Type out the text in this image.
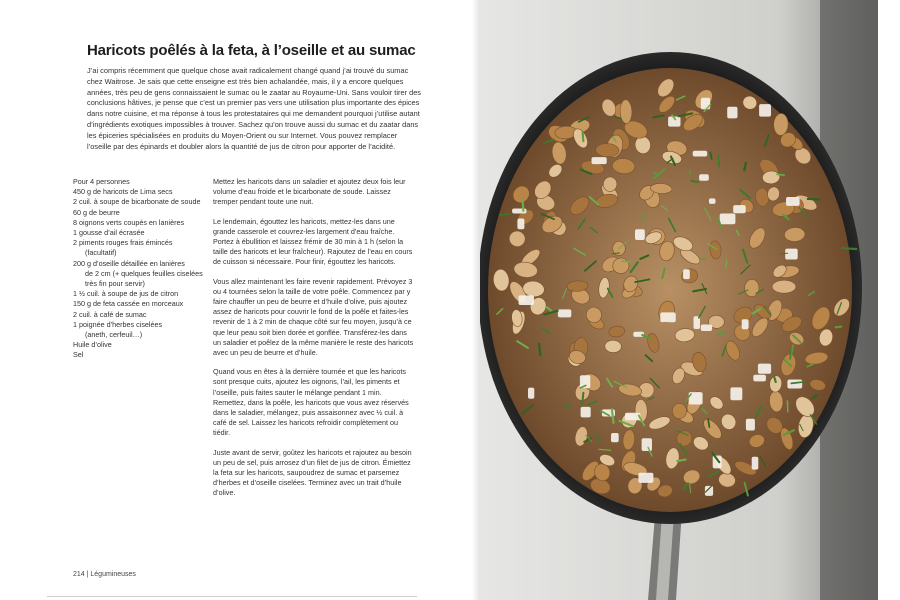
Haricots poêlés à la feta, à l’oseille et au sumac

J’ai compris récemment que quelque chose avait radicalement changé quand j’ai trouvé du sumac chez Waitrose. Je sais que cette enseigne est très bien achalandée, mais, il y a encore quelques années, très peu de gens connaissaient le sumac ou le zaatar au Royaume-Uni. Sans vouloir tirer des conclusions hâtives, je pense que c’est un premier pas vers une utilisation plus importante des épices dans notre cuisine, et ma réponse à tous les protestataires qui me demandent pourquoi j’utilise autant d’ingrédients exotiques impossibles à trouver. Sachez qu’on trouve aussi du sumac et du zaatar dans les épiceries spécialisées en produits du Moyen-Orient ou sur Internet. Vous pouvez remplacer l’oseille par des épinards et doubler alors la quantité de jus de citron pour apporter de l’acidité.

Pour 4 personnes
450 g de haricots de Lima secs
2 cuil. à soupe de bicarbonate de soude
60 g de beurre
8 oignons verts coupés en lanières
1 gousse d’ail écrasée
2 piments rouges frais émincés
(facultatif)
200 g d’oseille détaillée en lanières
de 2 cm (+ quelques feuilles ciselées
très fin pour servir)
1 ½ cuil. à soupe de jus de citron
150 g de feta cassée en morceaux
2 cuil. à café de sumac
1 poignée d’herbes ciselées
(aneth, cerfeuil…)
Huile d’olive
Sel

Mettez les haricots dans un saladier et ajoutez deux fois leur volume d’eau froide et le bicarbonate de soude. Laissez tremper pendant toute une nuit.

Le lendemain, égouttez les haricots, mettez-les dans une grande casserole et couvrez-les largement d’eau fraîche. Portez à ébullition et laissez frémir de 30 min à 1 h (selon la taille des haricots et leur fraîcheur). Rajoutez de l’eau en cours de cuisson si nécessaire. Pour finir, égouttez les haricots.

Vous allez maintenant les faire revenir rapidement. Prévoyez 3 ou 4 tournées selon la taille de votre poêle. Commencez par y faire chauffer un peu de beurre et d’huile d’olive, puis ajoutez assez de haricots pour couvrir le fond de la poêle et faites-les revenir de 1 à 2 min de chaque côté sur feu moyen, jusqu’à ce que leur peau soit bien dorée et gonflée. Transférez-les dans un saladier et poêlez de la même manière le reste des haricots avec un peu de beurre et d’huile.

Quand vous en êtes à la dernière tournée et que les haricots sont presque cuits, ajoutez les oignons, l’ail, les piments et l’oseille, puis faites sauter le mélange pendant 1 min. Remettez, dans la poêle, les haricots que vous avez réservés dans le saladier, mélangez, puis assaisonnez avec ½ cuil. à café de sel. Laissez les haricots refroidir complètement ou tiédir.

Juste avant de servir, goûtez les haricots et rajoutez au besoin un peu de sel, puis arrosez d’un filet de jus de citron. Émiettez la feta sur les haricots, saupoudrez de sumac et parsemez d’herbes et d’oseille ciselées. Terminez avec un trait d’huile d’olive.

214 | Légumineuses
